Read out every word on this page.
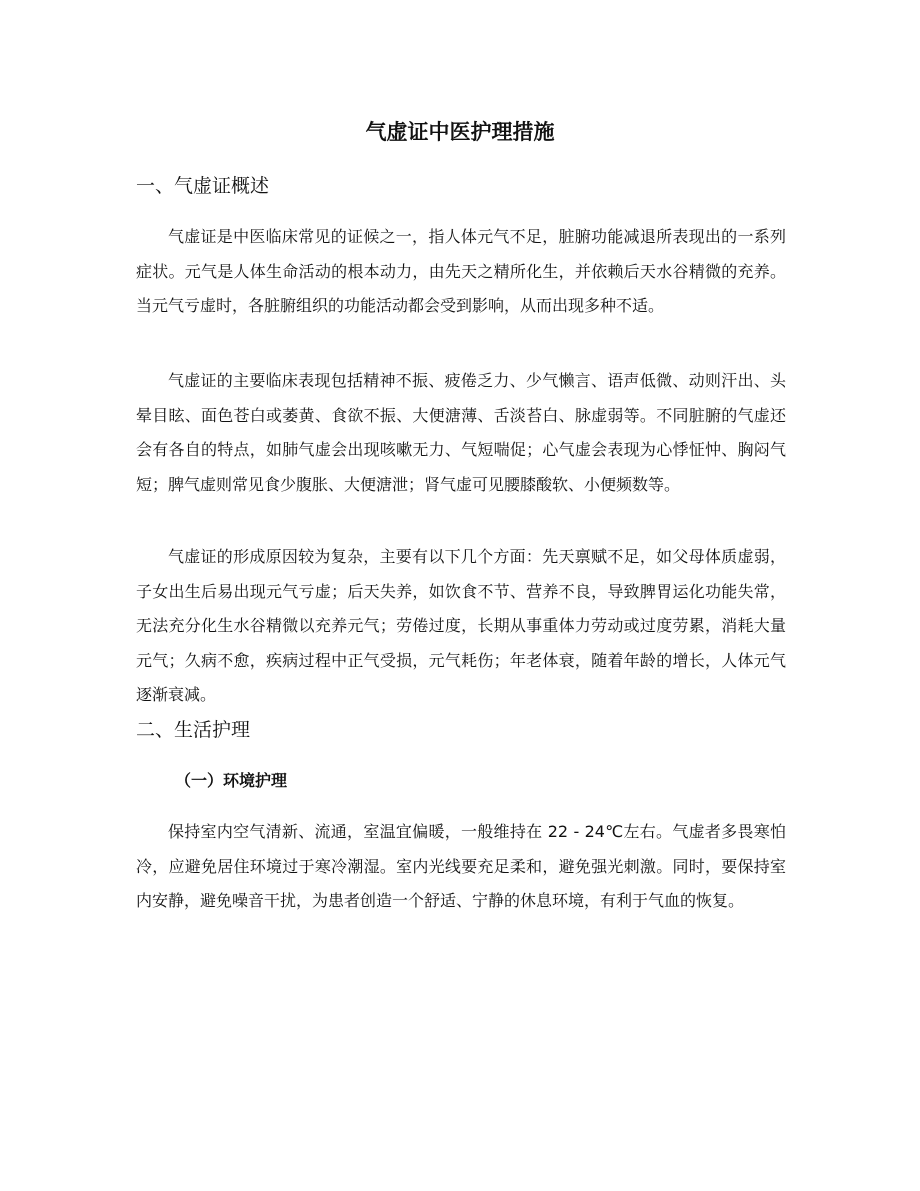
气虚证中医护理措施
一、气虚证概述

气虚证是中医临床常见的证候之一，指人体元气不足，脏腑功能减退所表现出的一系列症状。元气是人体生命活动的根本动力，由先天之精所化生，并依赖后天水谷精微的充养。当元气亏虚时，各脏腑组织的功能活动都会受到影响，从而出现多种不适。

气虚证的主要临床表现包括精神不振、疲倦乏力、少气懒言、语声低微、动则汗出、头晕目眩、面色苍白或萎黄、食欲不振、大便溏薄、舌淡苔白、脉虚弱等。不同脏腑的气虚还会有各自的特点，如肺气虚会出现咳嗽无力、气短喘促；心气虚会表现为心悸怔忡、胸闷气短；脾气虚则常见食少腹胀、大便溏泄；肾气虚可见腰膝酸软、小便频数等。

气虚证的形成原因较为复杂，主要有以下几个方面：先天禀赋不足，如父母体质虚弱，子女出生后易出现元气亏虚；后天失养，如饮食不节、营养不良，导致脾胃运化功能失常，无法充分化生水谷精微以充养元气；劳倦过度，长期从事重体力劳动或过度劳累，消耗大量元气；久病不愈，疾病过程中正气受损，元气耗伤；年老体衰，随着年龄的增长，人体元气逐渐衰减。

二、生活护理
（一）环境护理

保持室内空气清新、流通，室温宜偏暖，一般维持在 22 - 24℃左右。气虚者多畏寒怕冷，应避免居住环境过于寒冷潮湿。室内光线要充足柔和，避免强光刺激。同时，要保持室内安静，避免噪音干扰，为患者创造一个舒适、宁静的休息环境，有利于气血的恢复。
